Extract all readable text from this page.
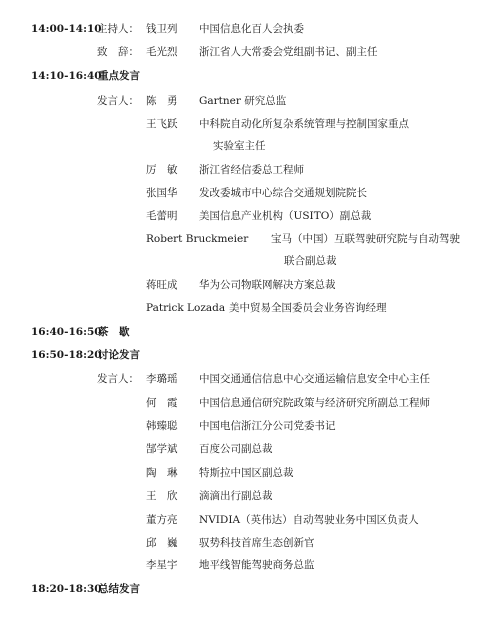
14:00-14:10
主持人： 钱卫列 中国信息化百人会执委
致　辞： 毛光烈 浙江省人大常委会党组副书记、副主任
14:10-16:40
重点发言
发言人： 陈　勇 Gartner 研究总监
王飞跃 中科院自动化所复杂系统管理与控制国家重点
实验室主任
厉　敏 浙江省经信委总工程师
张国华 发改委城市中心综合交通规划院院长
毛蕾明 美国信息产业机构（USITO）副总裁
Robert Bruckmeier 宝马（中国）互联驾驶研究院与自动驾驶
联合副总裁
蒋旺成 华为公司物联网解决方案总裁
Patrick Lozada 美中贸易全国委员会业务咨询经理
16:40-16:50
茶　歇
16:50-18:20
讨论发言
发言人： 李璐瑶 中国交通通信信息中心交通运输信息安全中心主任
何　霞 中国信息通信研究院政策与经济研究所副总工程师
韩臻聪 中国电信浙江分公司党委书记
郜学斌 百度公司副总裁
陶　琳 特斯拉中国区副总裁
王　欣 滴滴出行副总裁
董方亮 NVIDIA（英伟达）自动驾驶业务中国区负责人
邱　巍 驭势科技首席生态创新官
李星宇 地平线智能驾驶商务总监
18:20-18:30
总结发言
